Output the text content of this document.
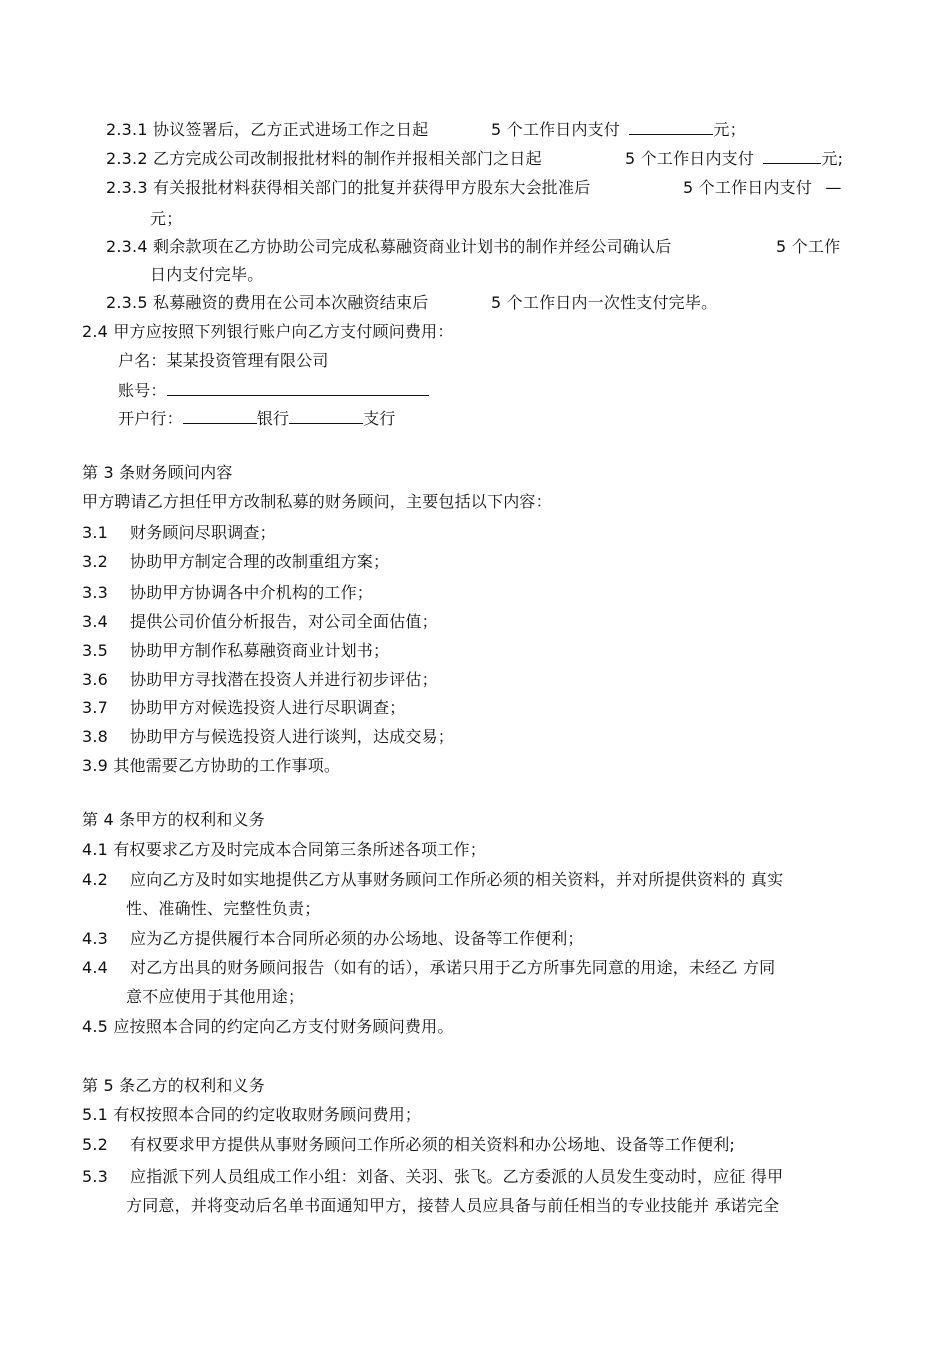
2.3.1 协议签署后，乙方正式进场工作之日起	5 个工作日内支付	元；
2.3.2 乙方完成公司改制报批材料的制作并报相关部门之日起	5 个工作日内支付	元;
2.3.3 有关报批材料获得相关部门的批复并获得甲方股东大会批准后	5 个工作日内支付 —
元；
2.3.4 剩余款项在乙方协助公司完成私募融资商业计划书的制作并经公司确认后	5 个工作
日内支付完毕。
2.3.5 私募融资的费用在公司本次融资结束后	5 个工作日内一次性支付完毕。
2.4 甲方应按照下列银行账户向乙方支付顾问费用：
户名：某某投资管理有限公司
账号：
开户行：	银行	支行
第 3 条财务顾问内容
甲方聘请乙方担任甲方改制私募的财务顾问，主要包括以下内容：
3.1 财务顾问尽职调查；
3.2 协助甲方制定合理的改制重组方案；
3.3 协助甲方协调各中介机构的工作；
3.4 提供公司价值分析报告，对公司全面估值；
3.5 协助甲方制作私募融资商业计划书；
3.6 协助甲方寻找潜在投资人并进行初步评估；
3.7 协助甲方对候选投资人进行尽职调查；
3.8 协助甲方与候选投资人进行谈判，达成交易；
3.9 其他需要乙方协助的工作事项。
第 4 条甲方的权利和义务
4.1 有权要求乙方及时完成本合同第三条所述各项工作；
4.2 应向乙方及时如实地提供乙方从事财务顾问工作所必须的相关资料，并对所提供资料的 真实
性、准确性、完整性负责；
4.3 应为乙方提供履行本合同所必须的办公场地、设备等工作便利；
4.4 对乙方出具的财务顾问报告（如有的话），承诺只用于乙方所事先同意的用途，未经乙 方同
意不应使用于其他用途；
4.5 应按照本合同的约定向乙方支付财务顾问费用。
第 5 条乙方的权利和义务
5.1 有权按照本合同的约定收取财务顾问费用；
5.2 有权要求甲方提供从事财务顾问工作所必须的相关资料和办公场地、设备等工作便利;
5.3 应指派下列人员组成工作小组：刘备、关羽、张飞。乙方委派的人员发生变动时，应征 得甲
方同意，并将变动后名单书面通知甲方，接替人员应具备与前任相当的专业技能并 承诺完全
